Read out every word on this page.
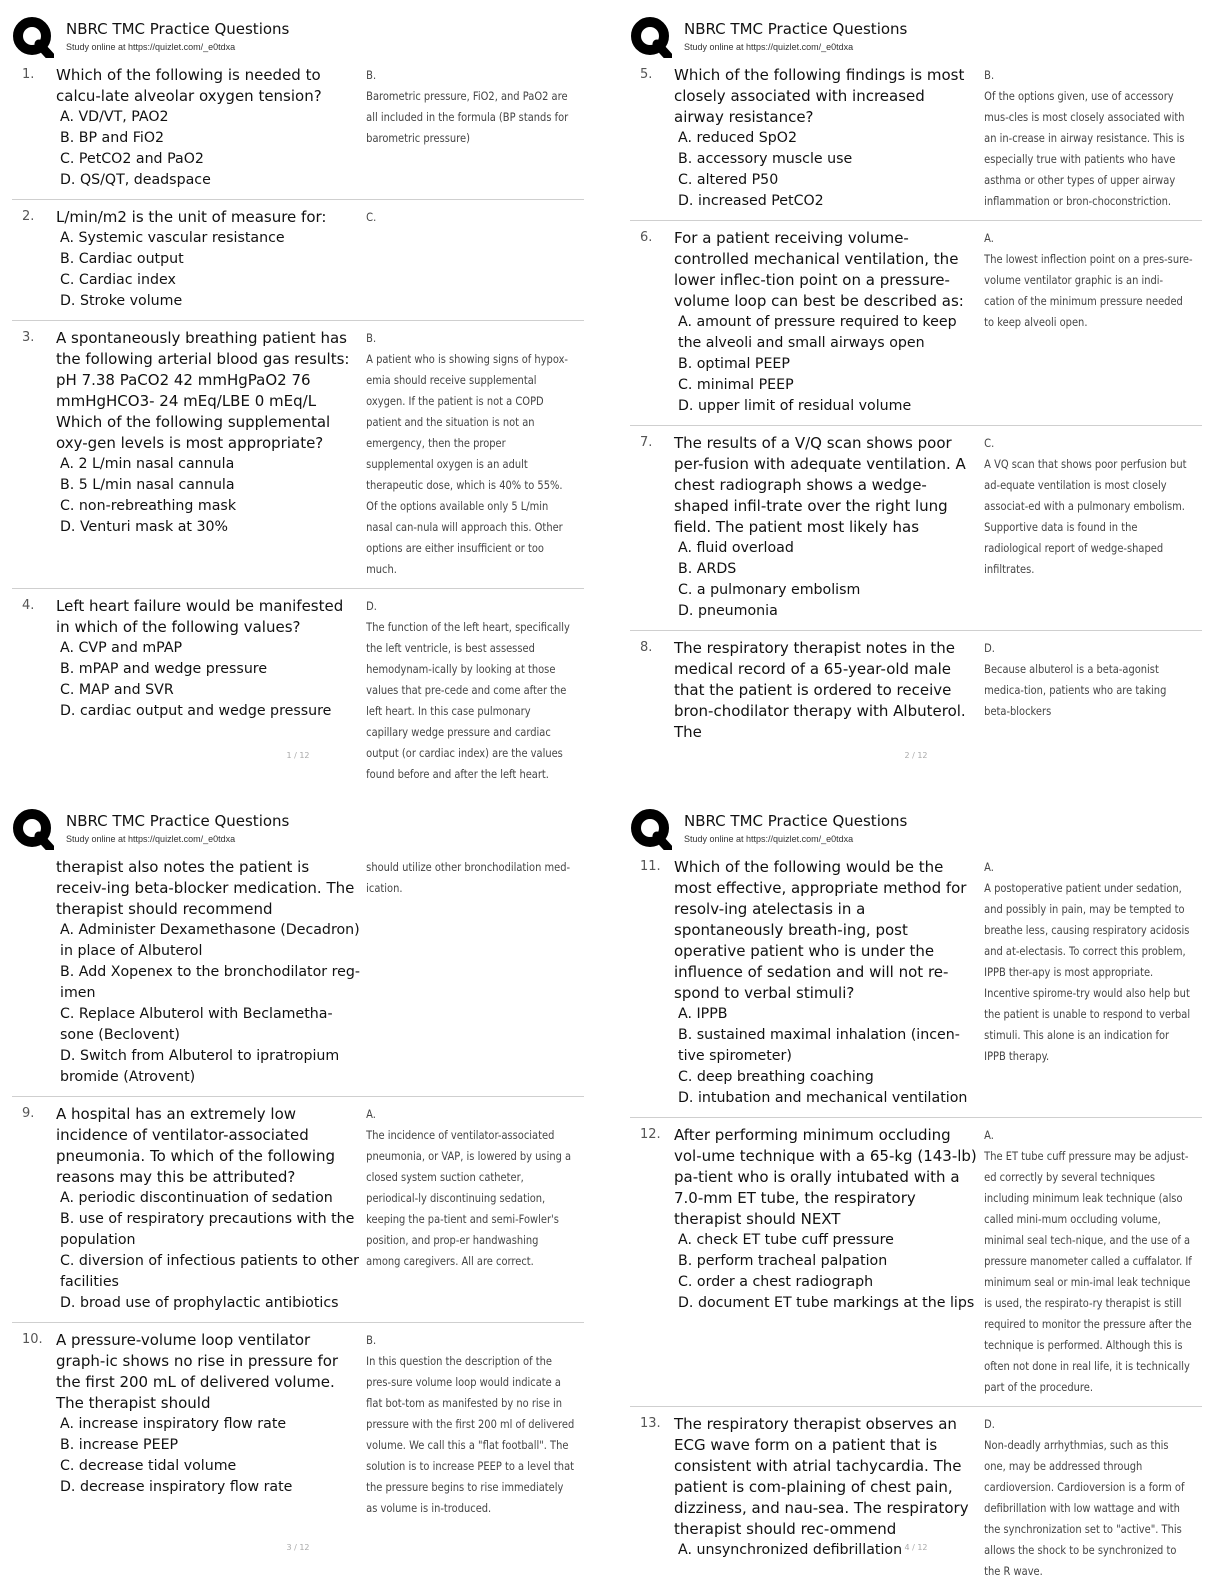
NBRC TMC Practice Questions
Study online at https://quizlet.com/_e0tdxa
1.	Which of the following is needed to calcu-late alveolar oxygen tension?
A. VD/VT, PAO2
B. BP and FiO2
C. PetCO2 and PaO2
D. QS/QT, deadspace
B.
Barometric pressure, FiO2, and PaO2 are all included in the formula (BP stands for barometric pressure)
2.	L/min/m2 is the unit of measure for:
A. Systemic vascular resistance
B. Cardiac output
C. Cardiac index
D. Stroke volume
C.
3.	A spontaneously breathing patient has the following arterial blood gas results: pH 7.38 PaCO2 42 mmHgPaO2 76 mmHgHCO3- 24 mEq/LBE 0 mEq/L Which of the following supplemental oxy-gen levels is most appropriate?
A. 2 L/min nasal cannula
B. 5 L/min nasal cannula
C. non-rebreathing mask
D. Venturi mask at 30%
B.
A patient who is showing signs of hypox-emia should receive supplemental oxygen. If the patient is not a COPD patient and the situation is not an emergency, then the proper supplemental oxygen is an adult therapeutic dose, which is 40% to 55%. Of the options available only 5 L/min nasal can-nula will approach this. Other options are either insufficient or too much.
4.	Left heart failure would be manifested in which of the following values?
A. CVP and mPAP
B. mPAP and wedge pressure
C. MAP and SVR
D. cardiac output and wedge pressure
D.
The function of the left heart, specifically the left ventricle, is best assessed hemodynam-ically by looking at those values that pre-cede and come after the left heart. In this case pulmonary capillary wedge pressure and cardiac output (or cardiac index) are the values found before and after the left heart.
1 / 12
NBRC TMC Practice Questions
Study online at https://quizlet.com/_e0tdxa
5.	Which of the following findings is most closely associated with increased airway resistance?
A. reduced SpO2
B. accessory muscle use
C. altered P50
D. increased PetCO2
B.
Of the options given, use of accessory mus-cles is most closely associated with an in-crease in airway resistance. This is especially true with patients who have asthma or other types of upper airway inflammation or bron-choconstriction.
6.	For a patient receiving volume-controlled mechanical ventilation, the lower inflec-tion point on a pressure-volume loop can best be described as:
A. amount of pressure required to keep the alveoli and small airways open
B. optimal PEEP
C. minimal PEEP
D. upper limit of residual volume
A.
The lowest inflection point on a pres-sure-volume ventilator graphic is an indi-cation of the minimum pressure needed to keep alveoli open.
7.	The results of a V/Q scan shows poor per-fusion with adequate ventilation. A chest radiograph shows a wedge-shaped infil-trate over the right lung field. The patient most likely has
A. fluid overload
B. ARDS
C. a pulmonary embolism
D. pneumonia
C.
A VQ scan that shows poor perfusion but ad-equate ventilation is most closely associat-ed with a pulmonary embolism. Supportive data is found in the radiological report of wedge-shaped infiltrates.
8.	The respiratory therapist notes in the medical record of a 65-year-old male that the patient is ordered to receive bron-chodilator therapy with Albuterol. The
D.
Because albuterol is a beta-agonist medica-tion, patients who are taking beta-blockers
2 / 12
NBRC TMC Practice Questions
Study online at https://quizlet.com/_e0tdxa
therapist also notes the patient is receiv-ing beta-blocker medication. The therapist should recommend
A. Administer Dexamethasone (Decadron) in place of Albuterol
B. Add Xopenex to the bronchodilator reg-imen
C. Replace Albuterol with Beclametha-sone (Beclovent)
D. Switch from Albuterol to ipratropium bromide (Atrovent)
should utilize other bronchodilation med-ication.
9.	A hospital has an extremely low incidence of ventilator-associated pneumonia. To which of the following reasons may this be attributed?
A. periodic discontinuation of sedation
B. use of respiratory precautions with the population
C. diversion of infectious patients to other facilities
D. broad use of prophylactic antibiotics
A.
The incidence of ventilator-associated pneumonia, or VAP, is lowered by using a closed system suction catheter, periodical-ly discontinuing sedation, keeping the pa-tient and semi-Fowler's position, and prop-er handwashing among caregivers. All are correct.
10. A pressure-volume loop ventilator graph-ic shows no rise in pressure for the first 200 mL of delivered volume. The therapist should
A. increase inspiratory flow rate
B. increase PEEP
C. decrease tidal volume
D. decrease inspiratory flow rate
B.
In this question the description of the pres-sure volume loop would indicate a flat bot-tom as manifested by no rise in pressure with the first 200 ml of delivered volume. We call this a "flat football". The solution is to increase PEEP to a level that the pressure begins to rise immediately as volume is in-troduced.
3 / 12
NBRC TMC Practice Questions
Study online at https://quizlet.com/_e0tdxa
11. Which of the following would be the most effective, appropriate method for resolv-ing atelectasis in a spontaneously breath-ing, post operative patient who is under the influence of sedation and will not re-spond to verbal stimuli?
A. IPPB
B. sustained maximal inhalation (incen-tive spirometer)
C. deep breathing coaching
D. intubation and mechanical ventilation
A.
A postoperative patient under sedation, and possibly in pain, may be tempted to breathe less, causing respiratory acidosis and at-electasis. To correct this problem, IPPB ther-apy is most appropriate. Incentive spirome-try would also help but the patient is unable to respond to verbal stimuli. This alone is an indication for IPPB therapy.
12. After performing minimum occluding vol-ume technique with a 65-kg (143-lb) pa-tient who is orally intubated with a 7.0-mm ET tube, the respiratory therapist should NEXT
A. check ET tube cuff pressure
B. perform tracheal palpation
C. order a chest radiograph
D. document ET tube markings at the lips
A.
The ET tube cuff pressure may be adjust-ed correctly by several techniques including minimum leak technique (also called mini-mum occluding volume, minimal seal tech-nique, and the use of a pressure manometer called a cuffalator. If minimum seal or min-imal leak technique is used, the respirato-ry therapist is still required to monitor the pressure after the technique is performed. Although this is often not done in real life, it is technically part of the procedure.
13. The respiratory therapist observes an ECG wave form on a patient that is consistent with atrial tachycardia. The patient is com-plaining of chest pain, dizziness, and nau-sea. The respiratory therapist should rec-ommend
A. unsynchronized defibrillation
D.
Non-deadly arrhythmias, such as this one, may be addressed through cardioversion. Cardioversion is a form of defibrillation with low wattage and with the synchronization set to "active". This allows the shock to be synchronized to the R wave.
4 / 12
